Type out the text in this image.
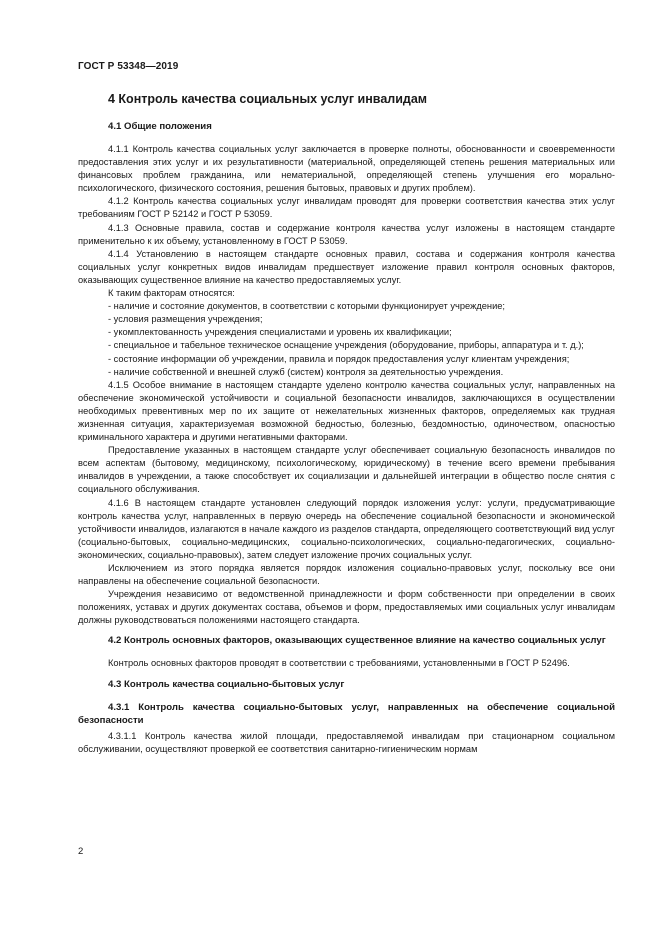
ГОСТ Р 53348—2019
4 Контроль качества социальных услуг инвалидам
4.1 Общие положения

4.1.1 Контроль качества социальных услуг заключается в проверке полноты, обоснованности и своевременности предоставления этих услуг и их результативности (материальной, определяющей степень решения материальных или финансовых проблем гражданина, или нематериальной, определяющей степень улучшения его морально-психологического, физического состояния, решения бытовых, правовых и других проблем).

4.1.2 Контроль качества социальных услуг инвалидам проводят для проверки соответствия качества этих услуг требованиям ГОСТ Р 52142 и ГОСТ Р 53059.

4.1.3 Основные правила, состав и содержание контроля качества услуг изложены в настоящем стандарте применительно к их объему, установленному в ГОСТ Р 53059.

4.1.4 Установлению в настоящем стандарте основных правил, состава и содержания контроля качества социальных услуг конкретных видов инвалидам предшествует изложение правил контроля основных факторов, оказывающих существенное влияние на качество предоставляемых услуг.

К таким факторам относятся:

- наличие и состояние документов, в соответствии с которыми функционирует учреждение;

- условия размещения учреждения;

- укомплектованность учреждения специалистами и уровень их квалификации;

- специальное и табельное техническое оснащение учреждения (оборудование, приборы, аппаратура и т. д.);

- состояние информации об учреждении, правила и порядок предоставления услуг клиентам учреждения;

- наличие собственной и внешней служб (систем) контроля за деятельностью учреждения.

4.1.5 Особое внимание в настоящем стандарте уделено контролю качества социальных услуг, направленных на обеспечение экономической устойчивости и социальной безопасности инвалидов, заключающихся в осуществлении необходимых превентивных мер по их защите от нежелательных жизненных факторов, определяемых как трудная жизненная ситуация, характеризуемая возможной бедностью, болезнью, бездомностью, одиночеством, опасностью криминального характера и другими негативными факторами.

Предоставление указанных в настоящем стандарте услуг обеспечивает социальную безопасность инвалидов по всем аспектам (бытовому, медицинскому, психологическому, юридическому) в течение всего времени пребывания инвалидов в учреждении, а также способствует их социализации и дальнейшей интеграции в общество после снятия с социального обслуживания.

4.1.6 В настоящем стандарте установлен следующий порядок изложения услуг: услуги, предусматривающие контроль качества услуг, направленных в первую очередь на обеспечение социальной безопасности и экономической устойчивости инвалидов, излагаются в начале каждого из разделов стандарта, определяющего соответствующий вид услуг (социально-бытовых, социально-медицинских, социально-психологических, социально-педагогических, социально-экономических, социально-правовых), затем следует изложение прочих социальных услуг.

Исключением из этого порядка является порядок изложения социально-правовых услуг, поскольку все они направлены на обеспечение социальной безопасности.

Учреждения независимо от ведомственной принадлежности и форм собственности при определении в своих положениях, уставах и других документах состава, объемов и форм, предоставляемых ими социальных услуг инвалидам должны руководствоваться положениями настоящего стандарта.

4.2 Контроль основных факторов, оказывающих существенное влияние на качество социальных услуг

Контроль основных факторов проводят в соответствии с требованиями, установленными в ГОСТ Р 52496.

4.3 Контроль качества социально-бытовых услуг
4.3.1 Контроль качества социально-бытовых услуг, направленных на обеспечение социальной безопасности

4.3.1.1 Контроль качества жилой площади, предоставляемой инвалидам при стационарном социальном обслуживании, осуществляют проверкой ее соответствия санитарно-гигиеническим нормам

2
